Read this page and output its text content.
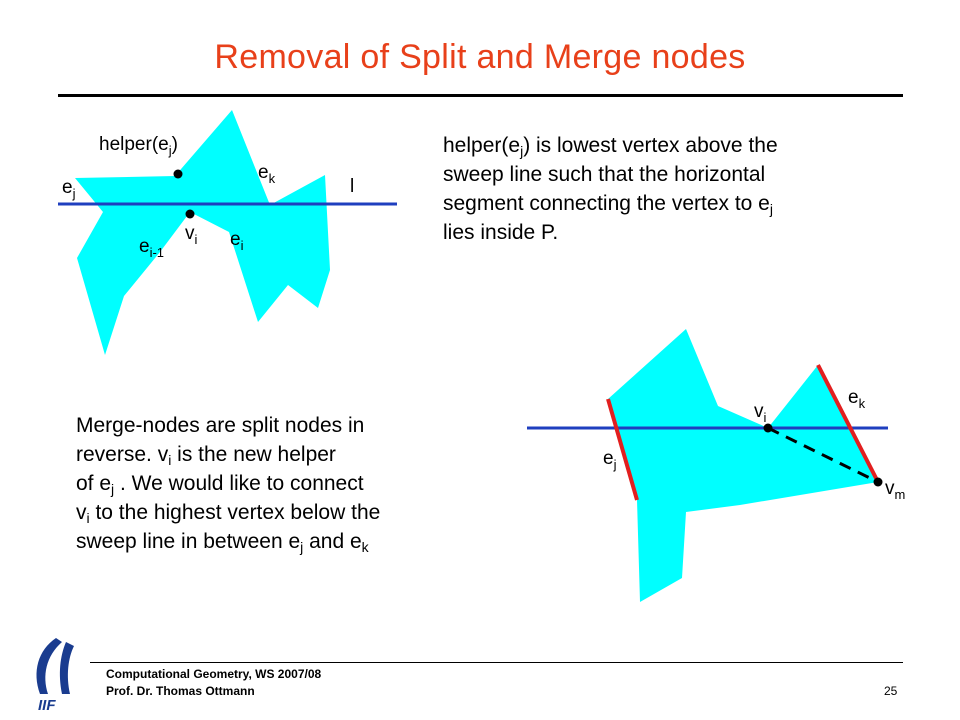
Removal of Split and Merge nodes
$helper(e_j)$
$e_k$
$e_j$	l
$v_i$ $e_i$
$e_{i-1}$
$v_i$
$e_k$
$e_j$
$v_m$
$helper(e_j)$ is lowest vertex above the
sweep line such that the horizontal
segment connecting the vertex to $e_j$
lies inside P.
Merge-nodes are split nodes in
reverse. $v_i$ is the new helper
of $e_j$ . We would like to connect
$v_i$ to the highest vertex below the
sweep line in between $e_j$ and $e_k$
IIF
Computational Geometry, WS 2007/08
Prof. Dr. Thomas Ottmann	25
